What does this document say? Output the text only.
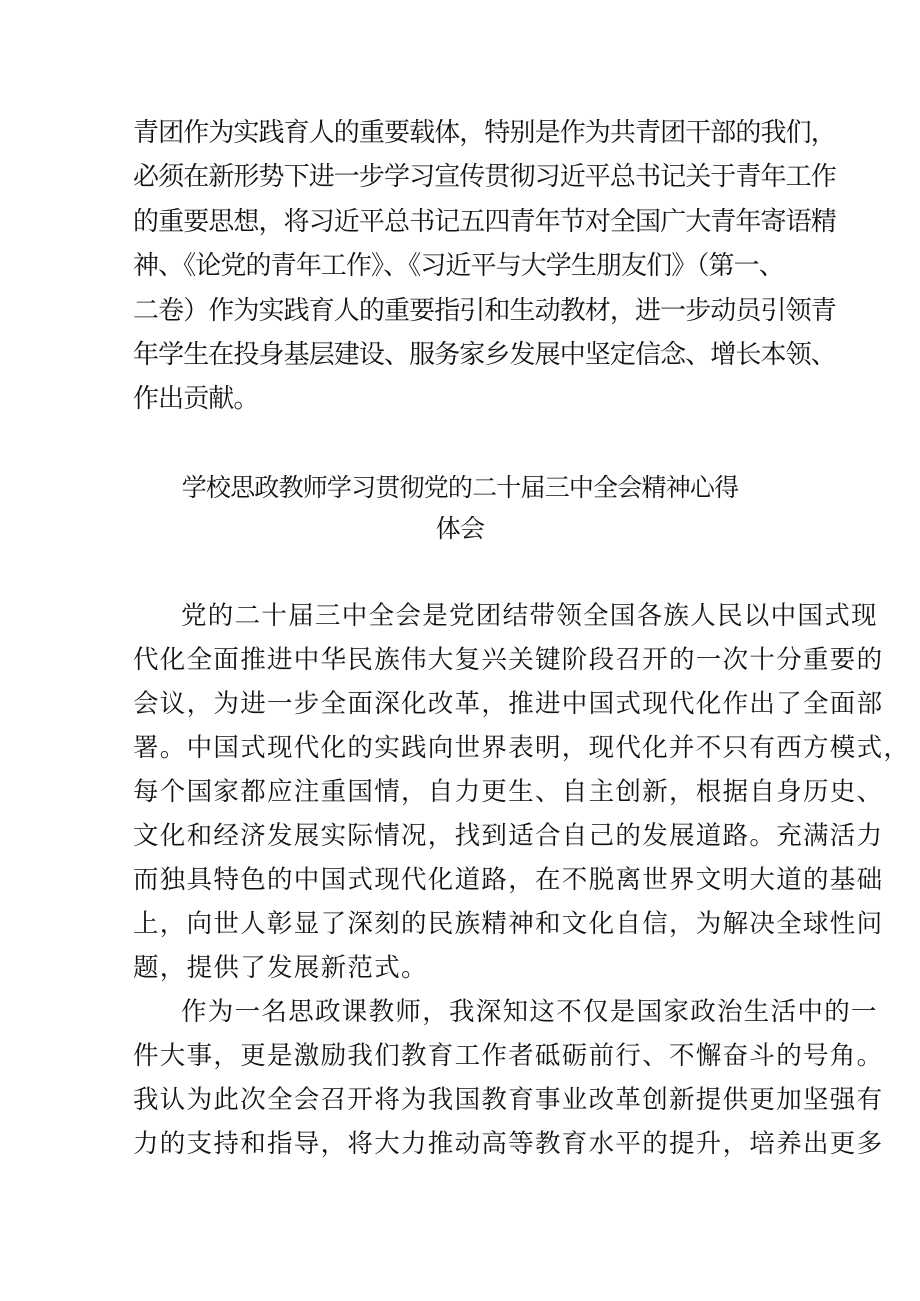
青团作为实践育人的重要载体，特别是作为共青团干部的我们，

必须在新形势下进一步学习宣传贯彻习近平总书记关于青年工作

的重要思想，将习近平总书记五四青年节对全国广大青年寄语精

神、《论党的青年工作》、《习近平与大学生朋友们》（第一、

二卷）作为实践育人的重要指引和生动教材，进一步动员引领青

年学生在投身基层建设、服务家乡发展中坚定信念、增长本领、

作出贡献。

学校思政教师学习贯彻党的二十届三中全会精神心得

体会

党的二十届三中全会是党团结带领全国各族人民以中国式现

代化全面推进中华民族伟大复兴关键阶段召开的一次十分重要的

会议，为进一步全面深化改革，推进中国式现代化作出了全面部

署。中国式现代化的实践向世界表明，现代化并不只有西方模式，

每个国家都应注重国情，自力更生、自主创新，根据自身历史、

文化和经济发展实际情况，找到适合自己的发展道路。充满活力

而独具特色的中国式现代化道路，在不脱离世界文明大道的基础

上，向世人彰显了深刻的民族精神和文化自信，为解决全球性问

题，提供了发展新范式。

作为一名思政课教师，我深知这不仅是国家政治生活中的一

件大事，更是激励我们教育工作者砥砺前行、不懈奋斗的号角。

我认为此次全会召开将为我国教育事业改革创新提供更加坚强有

力的支持和指导，将大力推动高等教育水平的提升，培养出更多
